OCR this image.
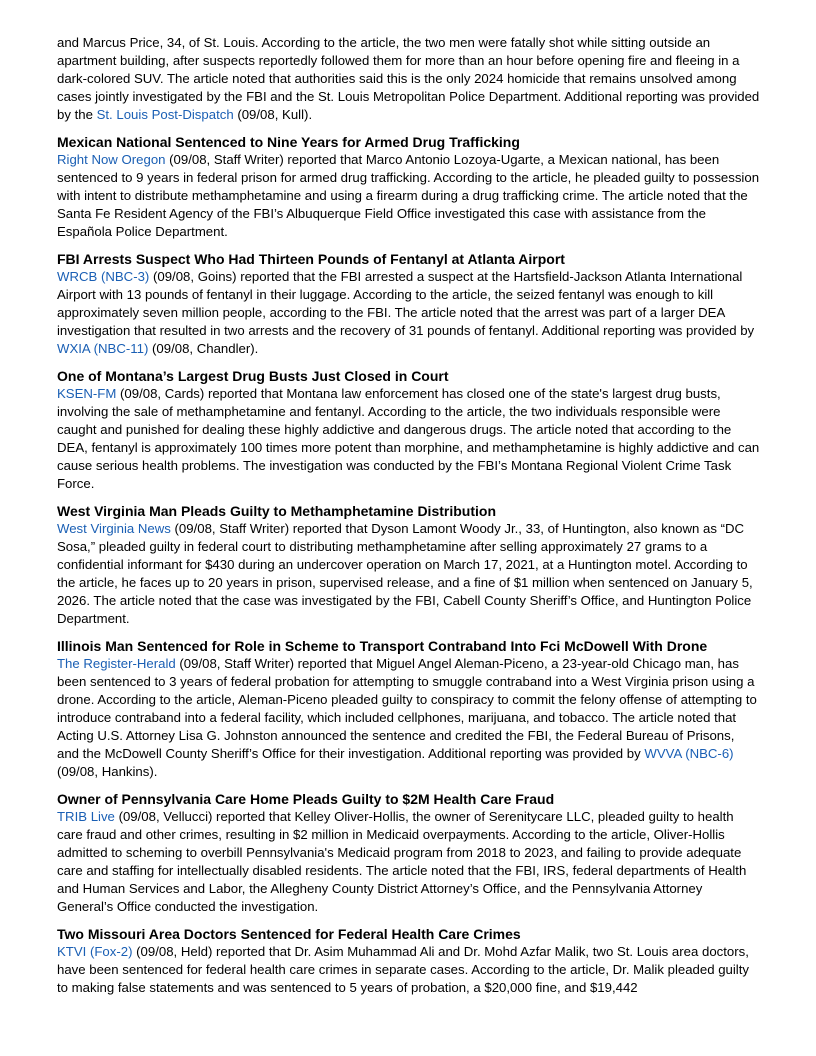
and Marcus Price, 34, of St. Louis. According to the article, the two men were fatally shot while sitting outside an apartment building, after suspects reportedly followed them for more than an hour before opening fire and fleeing in a dark-colored SUV. The article noted that authorities said this is the only 2024 homicide that remains unsolved among cases jointly investigated by the FBI and the St. Louis Metropolitan Police Department. Additional reporting was provided by the St. Louis Post-Dispatch (09/08, Kull).

Mexican National Sentenced to Nine Years for Armed Drug Trafficking

Right Now Oregon (09/08, Staff Writer) reported that Marco Antonio Lozoya-Ugarte, a Mexican national, has been sentenced to 9 years in federal prison for armed drug trafficking. According to the article, he pleaded guilty to possession with intent to distribute methamphetamine and using a firearm during a drug trafficking crime. The article noted that the Santa Fe Resident Agency of the FBI’s Albuquerque Field Office investigated this case with assistance from the Española Police Department.

FBI Arrests Suspect Who Had Thirteen Pounds of Fentanyl at Atlanta Airport

WRCB (NBC-3) (09/08, Goins) reported that the FBI arrested a suspect at the Hartsfield-Jackson Atlanta International Airport with 13 pounds of fentanyl in their luggage. According to the article, the seized fentanyl was enough to kill approximately seven million people, according to the FBI. The article noted that the arrest was part of a larger DEA investigation that resulted in two arrests and the recovery of 31 pounds of fentanyl. Additional reporting was provided by WXIA (NBC-11) (09/08, Chandler).

One of Montana’s Largest Drug Busts Just Closed in Court

KSEN-FM (09/08, Cards) reported that Montana law enforcement has closed one of the state's largest drug busts, involving the sale of methamphetamine and fentanyl. According to the article, the two individuals responsible were caught and punished for dealing these highly addictive and dangerous drugs. The article noted that according to the DEA, fentanyl is approximately 100 times more potent than morphine, and methamphetamine is highly addictive and can cause serious health problems. The investigation was conducted by the FBI’s Montana Regional Violent Crime Task Force.

West Virginia Man Pleads Guilty to Methamphetamine Distribution

West Virginia News (09/08, Staff Writer) reported that Dyson Lamont Woody Jr., 33, of Huntington, also known as “DC Sosa,” pleaded guilty in federal court to distributing methamphetamine after selling approximately 27 grams to a confidential informant for $430 during an undercover operation on March 17, 2021, at a Huntington motel. According to the article, he faces up to 20 years in prison, supervised release, and a fine of $1 million when sentenced on January 5, 2026. The article noted that the case was investigated by the FBI, Cabell County Sheriff’s Office, and Huntington Police Department.

Illinois Man Sentenced for Role in Scheme to Transport Contraband Into Fci McDowell With Drone

The Register-Herald (09/08, Staff Writer) reported that Miguel Angel Aleman-Piceno, a 23-year-old Chicago man, has been sentenced to 3 years of federal probation for attempting to smuggle contraband into a West Virginia prison using a drone. According to the article, Aleman-Piceno pleaded guilty to conspiracy to commit the felony offense of attempting to introduce contraband into a federal facility, which included cellphones, marijuana, and tobacco. The article noted that Acting U.S. Attorney Lisa G. Johnston announced the sentence and credited the FBI, the Federal Bureau of Prisons, and the McDowell County Sheriff’s Office for their investigation. Additional reporting was provided by WVVA (NBC-6) (09/08, Hankins).

Owner of Pennsylvania Care Home Pleads Guilty to $2M Health Care Fraud

TRIB Live (09/08, Vellucci) reported that Kelley Oliver-Hollis, the owner of Serenitycare LLC, pleaded guilty to health care fraud and other crimes, resulting in $2 million in Medicaid overpayments. According to the article, Oliver-Hollis admitted to scheming to overbill Pennsylvania's Medicaid program from 2018 to 2023, and failing to provide adequate care and staffing for intellectually disabled residents. The article noted that the FBI, IRS, federal departments of Health and Human Services and Labor, the Allegheny County District Attorney’s Office, and the Pennsylvania Attorney General’s Office conducted the investigation.

Two Missouri Area Doctors Sentenced for Federal Health Care Crimes

KTVI (Fox-2) (09/08, Held) reported that Dr. Asim Muhammad Ali and Dr. Mohd Azfar Malik, two St. Louis area doctors, have been sentenced for federal health care crimes in separate cases. According to the article, Dr. Malik pleaded guilty to making false statements and was sentenced to 5 years of probation, a $20,000 fine, and $19,442
